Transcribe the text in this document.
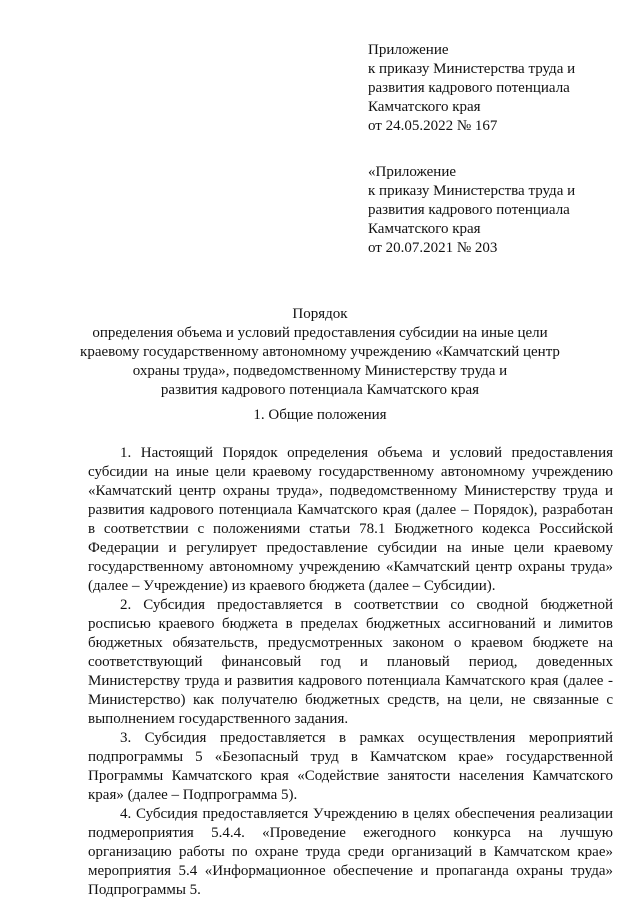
Приложение
к приказу Министерства труда и
развития кадрового потенциала
Камчатского края
от 24.05.2022 № 167
«Приложение
к приказу Министерства труда и
развития кадрового потенциала
Камчатского края
от 20.07.2021 № 203
Порядок
определения объема и условий предоставления субсидии на иные цели
краевому государственному автономному учреждению «Камчатский центр
охраны труда», подведомственному Министерству труда и
развития кадрового потенциала Камчатского края
1. Общие положения

1. Настоящий Порядок определения объема и условий предоставления субсидии на иные цели краевому государственному автономному учреждению «Камчатский центр охраны труда», подведомственному Министерству труда и развития кадрового потенциала Камчатского края (далее – Порядок), разработан в соответствии с положениями статьи 78.1 Бюджетного кодекса Российской Федерации и регулирует предоставление субсидии на иные цели краевому государственному автономному учреждению «Камчатский центр охраны труда» (далее – Учреждение) из краевого бюджета (далее – Субсидии).

2. Субсидия предоставляется в соответствии со сводной бюджетной росписью краевого бюджета в пределах бюджетных ассигнований и лимитов бюджетных обязательств, предусмотренных законом о краевом бюджете на соответствующий финансовый год и плановый период, доведенных Министерству труда и развития кадрового потенциала Камчатского края (далее - Министерство) как получателю бюджетных средств, на цели, не связанные с выполнением государственного задания.

3. Субсидия предоставляется в рамках осуществления мероприятий подпрограммы 5 «Безопасный труд в Камчатском крае» государственной Программы Камчатского края «Содействие занятости населения Камчатского края» (далее – Подпрограмма 5).

4. Субсидия предоставляется Учреждению в целях обеспечения реализации подмероприятия 5.4.4. «Проведение ежегодного конкурса на лучшую организацию работы по охране труда среди организаций в Камчатском крае» мероприятия 5.4 «Информационное обеспечение и пропаганда охраны труда» Подпрограммы 5.
